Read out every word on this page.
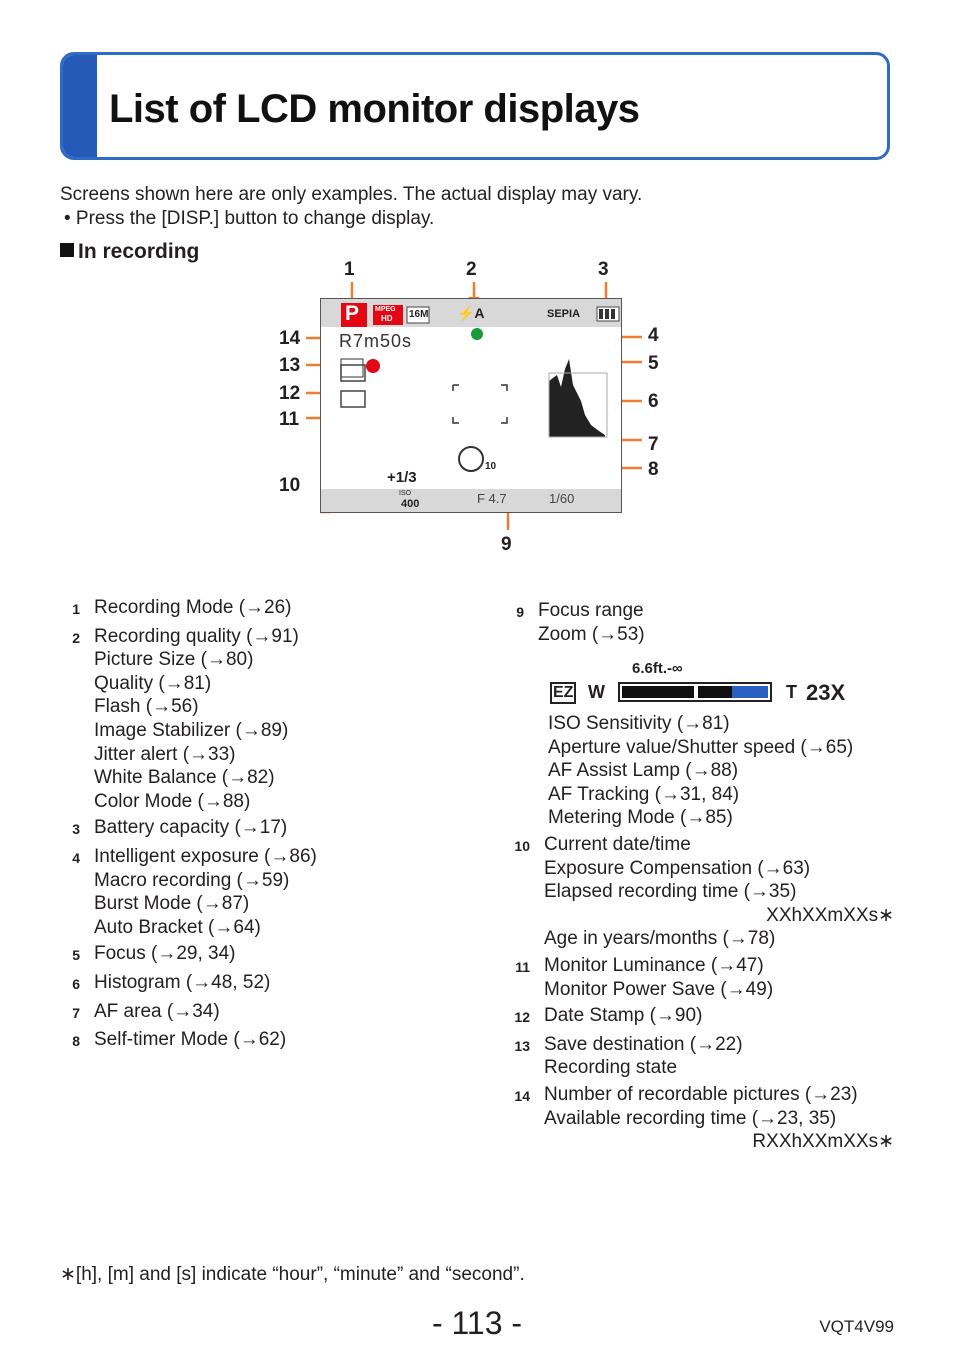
List of LCD monitor displays
Screens shown here are only examples. The actual display may vary.
• Press the [DISP.] button to change display.
In recording
1	2	3
4
5
6
7
8
9
10
11
12
13
14
P MPEG
HD 16M ⚡A	SEPIA
R7m50s
10
+1/3
ISO
400	F 4.7	1/60
1 Recording Mode (→26)
2 Recording quality (→91)
Picture Size (→80)
Quality (→81)
Flash (→56)
Image Stabilizer (→89)
Jitter alert (→33)
White Balance (→82)
Color Mode (→88)
3 Battery capacity (→17)
4 Intelligent exposure (→86)
Macro recording (→59)
Burst Mode (→87)
Auto Bracket (→64)
5 Focus (→29, 34)
6 Histogram (→48, 52)
7 AF area (→34)
8 Self-timer Mode (→62)
9 Focus range
Zoom (→53)
6.6ft.-∞
EZ W	T 23X
ISO Sensitivity (→81)
Aperture value/Shutter speed (→65)
AF Assist Lamp (→88)
AF Tracking (→31, 84)
Metering Mode (→85)
10 Current date/time
Exposure Compensation (→63)
Elapsed recording time (→35)
XXhXXmXXs∗
Age in years/months (→78)
11 Monitor Luminance (→47)
Monitor Power Save (→49)
12 Date Stamp (→90)
13 Save destination (→22)
Recording state
14 Number of recordable pictures (→23)
Available recording time (→23, 35)
RXXhXXmXXs∗
∗[h], [m] and [s] indicate “hour”, “minute” and “second”.
- 113 -	VQT4V99
